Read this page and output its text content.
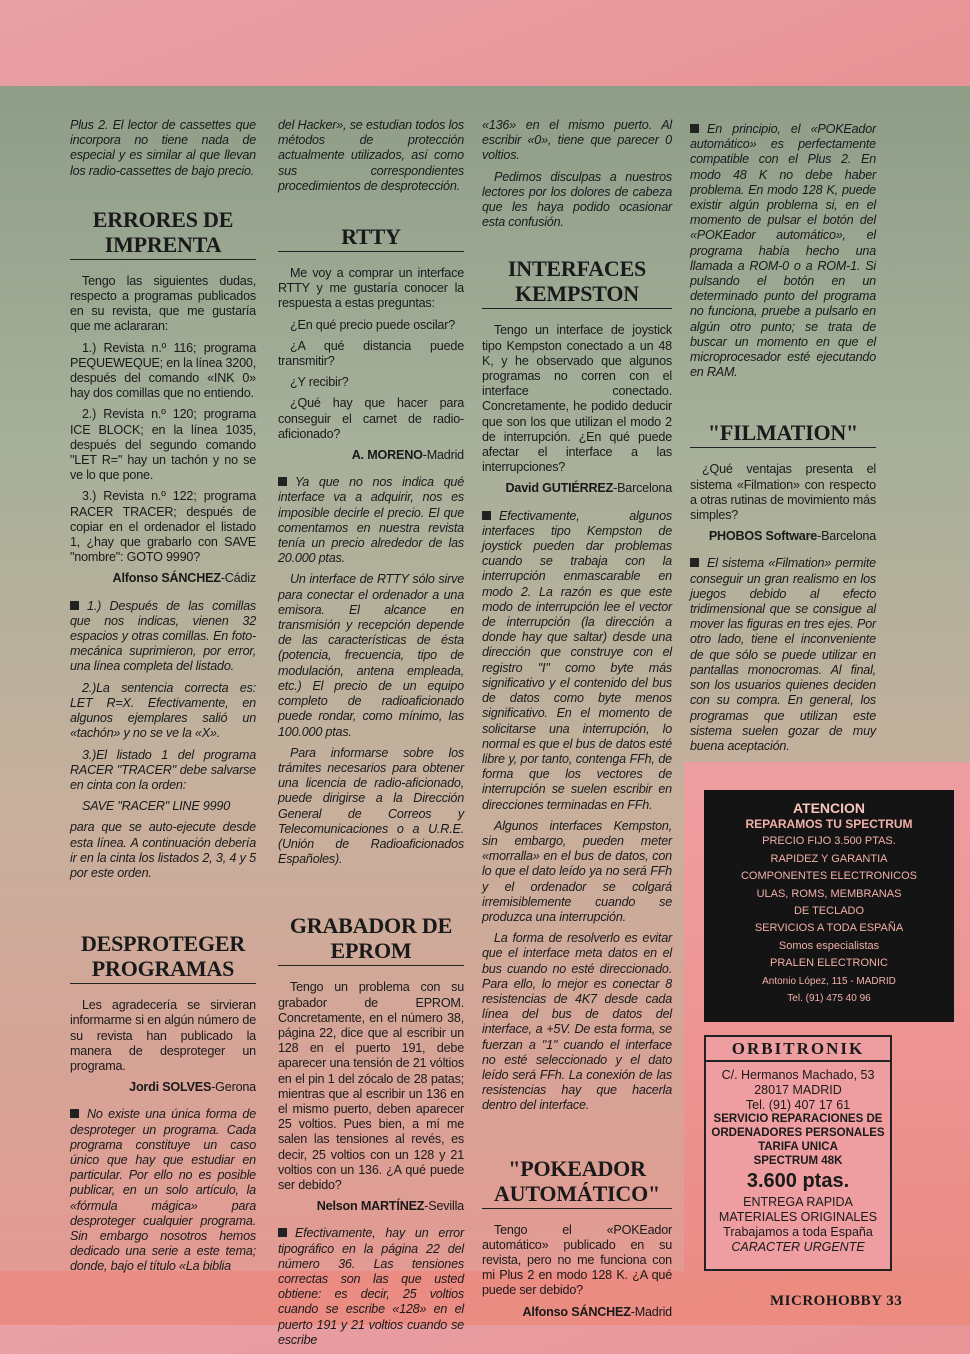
Plus 2. El lector de cassettes que incorpora no tiene nada de especial y es similar al que llevan los radio-cassettes de bajo precio.

ERRORES DE IMPRENTA

Tengo las siguientes dudas, respecto a programas publicados en su revista, que me gustaría que me aclararan:

1.) Revista n.º 116; programa PEQUEWEQUE; en la línea 3200, después del comando «INK 0» hay dos comillas que no entiendo.

2.) Revista n.º 120; programa ICE BLOCK; en la línea 1035, después del segundo comando "LET R=" hay un tachón y no se ve lo que pone.

3.) Revista n.º 122; programa RACER TRACER; después de copiar en el ordenador el listado 1, ¿hay que grabarlo con SAVE "nombre": GOTO 9990?

Alfonso SÁNCHEZ-Cádiz

1.) Después de las comillas que nos indicas, vienen 32 espacios y otras comillas. En foto-mecánica suprimieron, por error, una línea completa del listado.

2.)La sentencia correcta es: LET R=X. Efectivamente, en algunos ejemplares salió un «tachón» y no se ve la «X».

3.)El listado 1 del programa RACER "TRACER" debe salvarse en cinta con la orden:

SAVE "RACER" LINE 9990

para que se auto-ejecute desde esta línea. A continuación debería ir en la cinta los listados 2, 3, 4 y 5 por este orden.

DESPROTEGER PROGRAMAS

Les agradecería se sirvieran informarme si en algún número de su revista han publicado la manera de desproteger un programa.

Jordi SOLVES-Gerona

No existe una única forma de desproteger un programa. Cada programa constituye un caso único que hay que estudiar en particular. Por ello no es posible publicar, en un solo artículo, la «fórmula mágica» para desproteger cualquier programa. Sin embargo nosotros hemos dedicado una serie a este tema; donde, bajo el título «La biblia

del Hacker», se estudian todos los métodos de protección actualmente utilizados, así como sus correspondientes procedimientos de desprotección.

RTTY

Me voy a comprar un interface RTTY y me gustaría conocer la respuesta a estas preguntas:

¿En qué precio puede oscilar?

¿A qué distancia puede transmitir?

¿Y recibir?

¿Qué hay que hacer para conseguir el carnet de radio-aficionado?

A. MORENO-Madrid

Ya que no nos indica qué interface va a adquirir, nos es imposible decirle el precio. El que comentamos en nuestra revista tenía un precio alrededor de las 20.000 ptas.

Un interface de RTTY sólo sirve para conectar el ordenador a una emisora. El alcance en transmisión y recepción depende de las características de ésta (potencia, frecuencia, tipo de modulación, antena empleada, etc.) El precio de un equipo completo de radioaficionado puede rondar, como mínimo, las 100.000 ptas.

Para informarse sobre los trámites necesarios para obtener una licencia de radio-aficionado, puede dirigirse a la Dirección General de Correos y Telecomunicaciones o a U.R.E. (Unión de Radioaficionados Españoles).

GRABADOR DE EPROM

Tengo un problema con su grabador de EPROM. Concretamente, en el número 38, página 22, dice que al escribir un 128 en el puerto 191, debe aparecer una tensión de 21 vóltios en el pin 1 del zócalo de 28 patas; mientras que al escribir un 136 en el mismo puerto, deben aparecer 25 voltios. Pues bien, a mí me salen las tensiones al revés, es decir, 25 voltios con un 128 y 21 voltios con un 136. ¿A qué puede ser debido?

Nelson MARTÍNEZ-Sevilla

Efectivamente, hay un error tipográfico en la página 22 del número 36. Las tensiones correctas son las que usted obtiene: es decir, 25 voltios cuando se escribe «128» en el puerto 191 y 21 voltios cuando se escribe

«136» en el mismo puerto. Al escribir «0», tiene que parecer 0 voltios.

Pedimos disculpas a nuestros lectores por los dolores de cabeza que les haya podido ocasionar esta confusión.

INTERFACES KEMPSTON

Tengo un interface de joystick tipo Kempston conectado a un 48 K, y he observado que algunos programas no corren con el interface conectado. Concretamente, he podido deducir que son los que utilizan el modo 2 de interrupción. ¿En qué puede afectar el interface a las interrupciones?

David GUTIÉRREZ-Barcelona

Efectivamente, algunos interfaces tipo Kempston de joystick pueden dar problemas cuando se trabaja con la interrupción enmascarable en modo 2. La razón es que este modo de interrupción lee el vector de interrupción (la dirección a donde hay que saltar) desde una dirección que construye con el registro "I" como byte más significativo y el contenido del bus de datos como byte menos significativo. En el momento de solicitarse una interrupción, lo normal es que el bus de datos esté libre y, por tanto, contenga FFh, de forma que los vectores de interrupción se suelen escribir en direcciones terminadas en FFh.

Algunos interfaces Kempston, sin embargo, pueden meter «morralla» en el bus de datos, con lo que el dato leído ya no será FFh y el ordenador se colgará irremisiblemente cuando se produzca una interrupción.

La forma de resolverlo es evitar que el interface meta datos en el bus cuando no esté direccionado. Para ello, lo mejor es conectar 8 resistencias de 4K7 desde cada línea del bus de datos del interface, a +5V. De esta forma, se fuerzan a "1" cuando el interface no esté seleccionado y el dato leído será FFh. La conexión de las resistencias hay que hacerla dentro del interface.

"POKEADOR AUTOMÁTICO"

Tengo el «POKEador automático» publicado en su revista, pero no me funciona con mi Plus 2 en modo 128 K. ¿A qué puede ser debido?

Alfonso SÁNCHEZ-Madrid

En principio, el «POKEador automático» es perfectamente compatible con el Plus 2. En modo 48 K no debe haber problema. En modo 128 K, puede existir algún problema si, en el momento de pulsar el botón del «POKEador automático», el programa había hecho una llamada a ROM-0 o a ROM-1. Si pulsando el botón en un determinado punto del programa no funciona, pruebe a pulsarlo en algún otro punto; se trata de buscar un momento en que el microprocesador esté ejecutando en RAM.

"FILMATION"

¿Qué ventajas presenta el sistema «Filmation» con respecto a otras rutinas de movimiento más simples?

PHOBOS Software-Barcelona

El sistema «Filmation» permite conseguir un gran realismo en los juegos debido al efecto tridimensional que se consigue al mover las figuras en tres ejes. Por otro lado, tiene el inconveniente de que sólo se puede utilizar en pantallas monocromas. Al final, son los usuarios quienes deciden con su compra. En general, los programas que utilizan este sistema suelen gozar de muy buena aceptación.

ATENCION
REPARAMOS TU SPECTRUM
PRECIO FIJO 3.500 PTAS.
RAPIDEZ Y GARANTIA
COMPONENTES ELECTRONICOS
ULAS, ROMS, MEMBRANAS
DE TECLADO
SERVICIOS A TODA ESPAÑA
Somos especialistas
PRALEN ELECTRONIC
Antonio López, 115 - MADRID
Tel. (91) 475 40 96
ORBITRONIK
C/. Hermanos Machado, 53
28017 MADRID
Tel. (91) 407 17 61
SERVICIO REPARACIONES DE
ORDENADORES PERSONALES
TARIFA UNICA
SPECTRUM 48K
3.600 ptas.
ENTREGA RAPIDA
MATERIALES ORIGINALES
Trabajamos a toda España
CARACTER URGENTE
MICROHOBBY 33
